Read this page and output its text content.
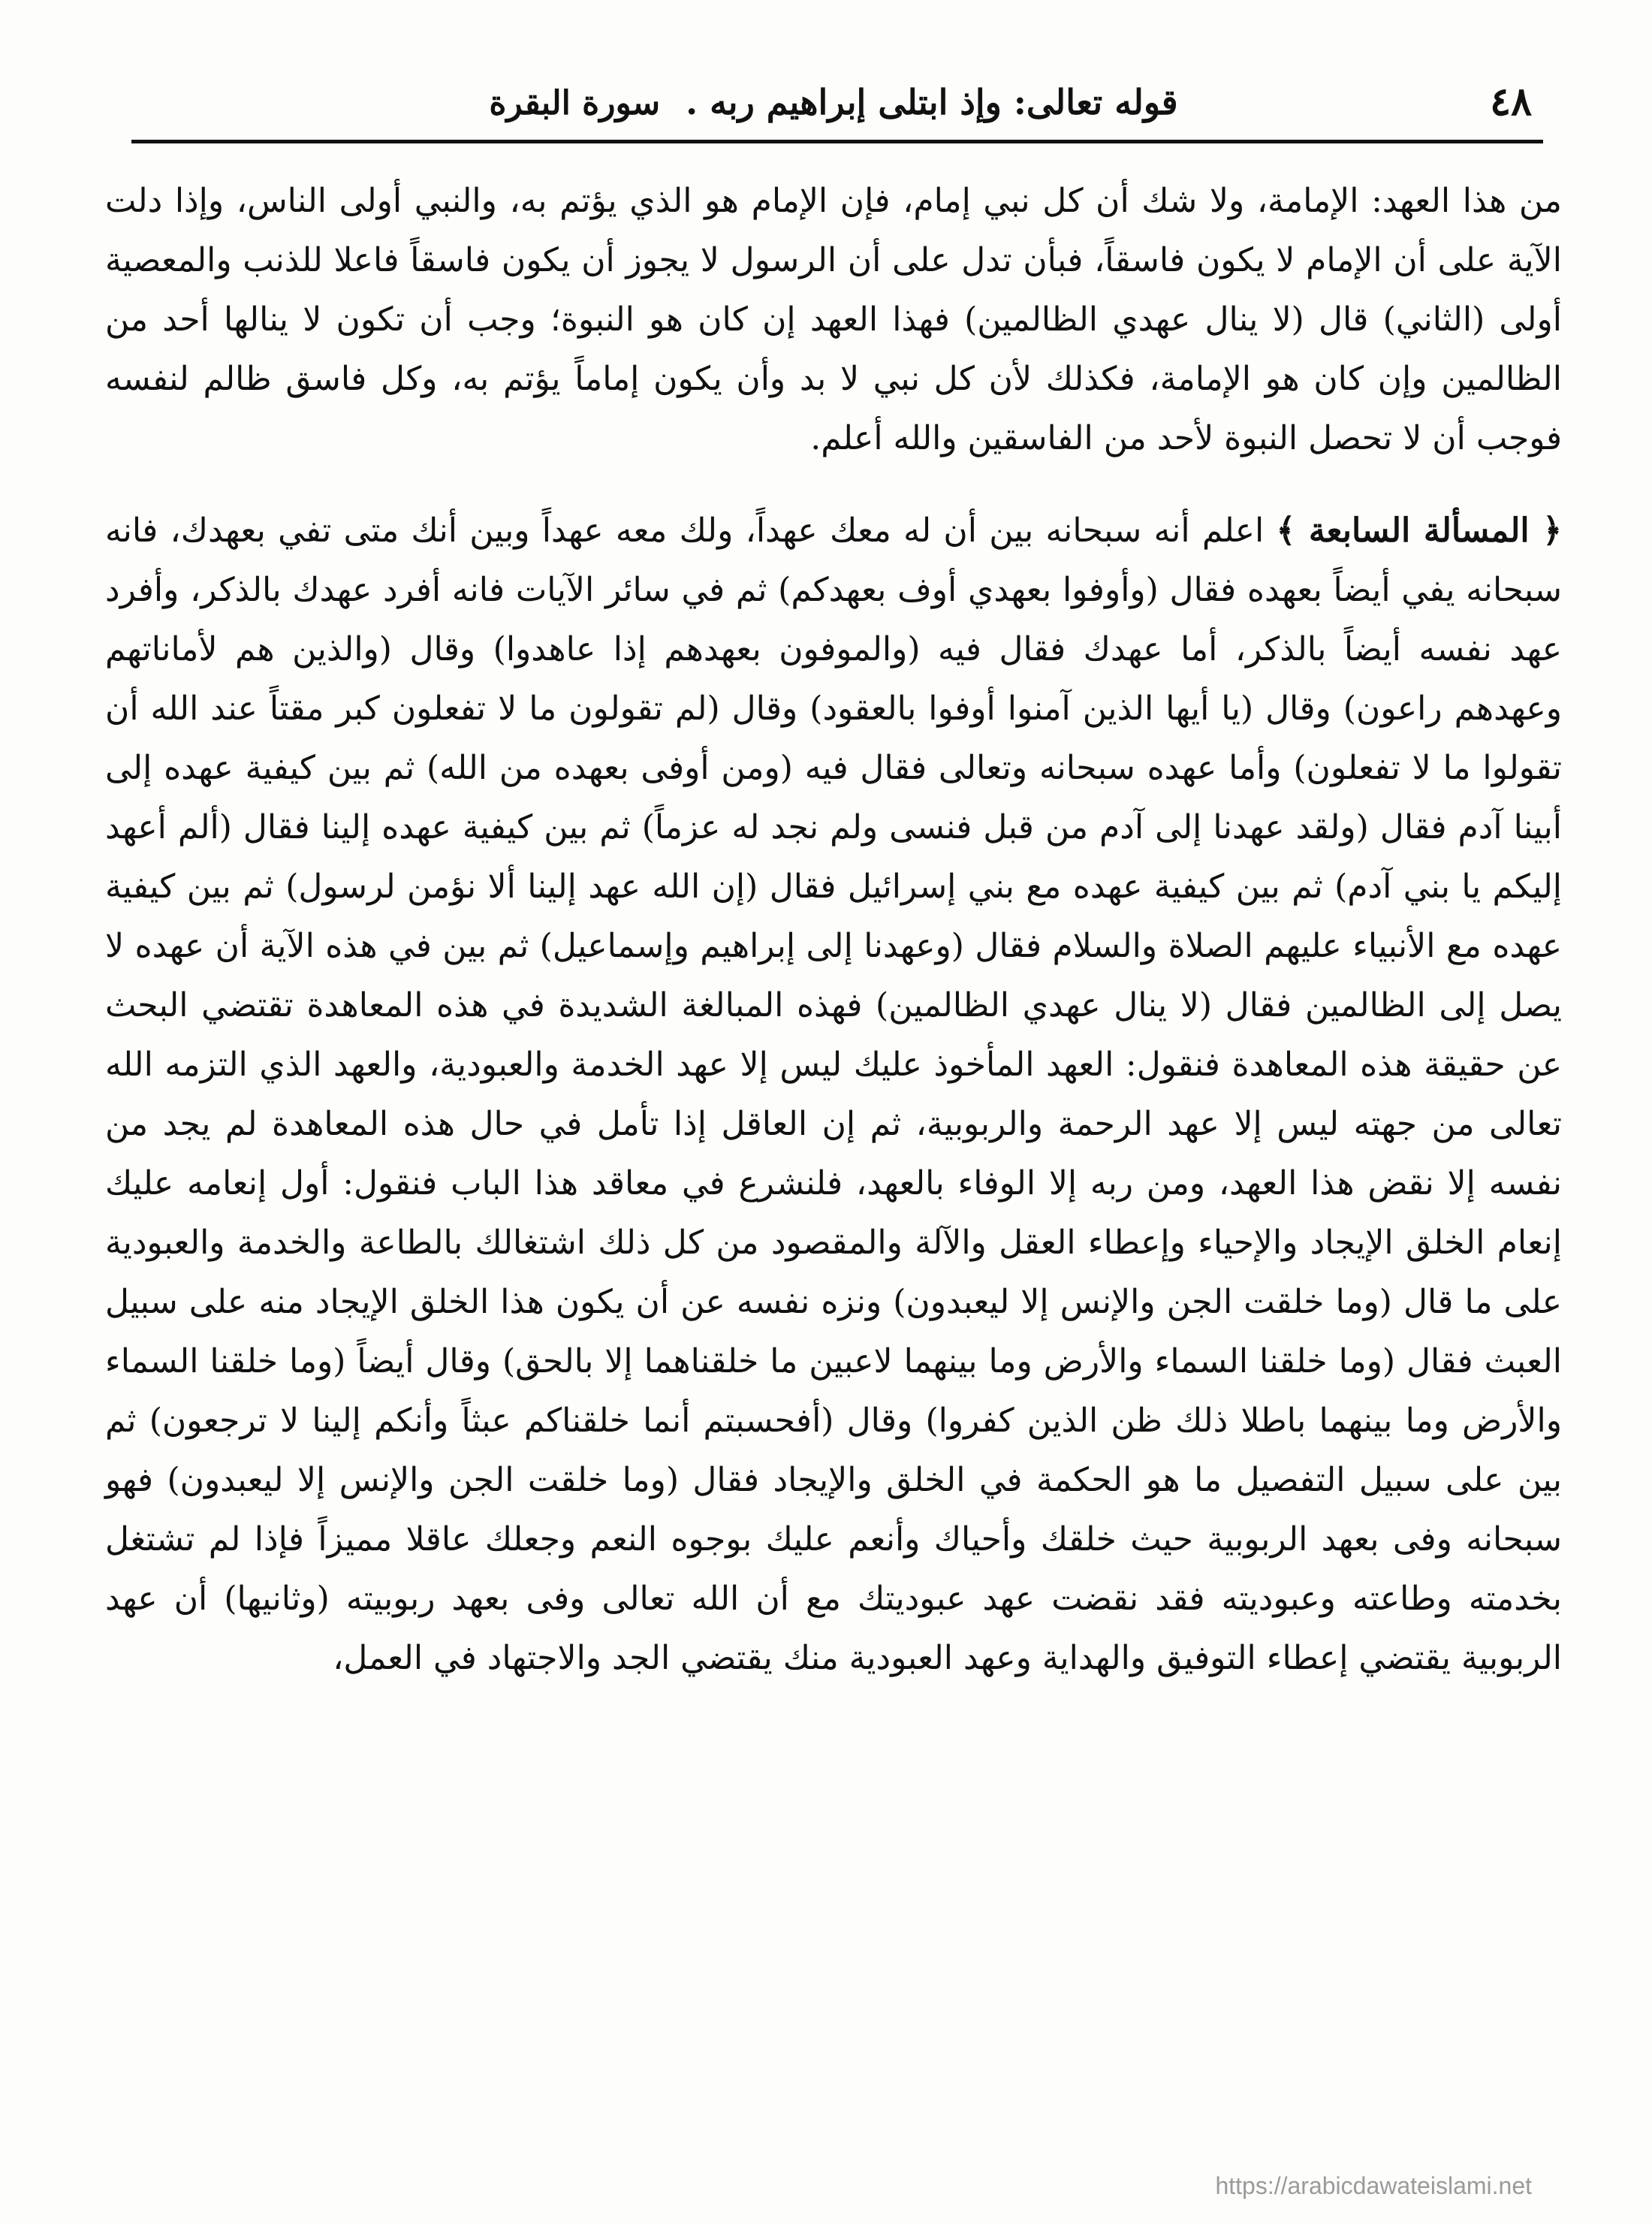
٤٨
قوله تعالى: وإذ ابتلى إبراهيم ربه . سورة البقرة

من هذا العهد: الإمامة، ولا شك أن كل نبي إمام، فإن الإمام هو الذي يؤتم به، والنبي أولى الناس، وإذا دلت الآية على أن الإمام لا يكون فاسقاً، فبأن تدل على أن الرسول لا يجوز أن يكون فاسقاً فاعلا للذنب والمعصية أولى (الثاني) قال (لا ينال عهدي الظالمين) فهذا العهد إن كان هو النبوة؛ وجب أن تكون لا ينالها أحد من الظالمين وإن كان هو الإمامة، فكذلك لأن كل نبي لا بد وأن يكون إماماً يؤتم به، وكل فاسق ظالم لنفسه فوجب أن لا تحصل النبوة لأحد من الفاسقين والله أعلم.

﴿ المسألة السابعة ﴾ اعلم أنه سبحانه بين أن له معك عهداً، ولك معه عهداً وبين أنك متى تفي بعهدك، فانه سبحانه يفي أيضاً بعهده فقال (وأوفوا بعهدي أوف بعهدكم) ثم في سائر الآيات فانه أفرد عهدك بالذكر، وأفرد عهد نفسه أيضاً بالذكر، أما عهدك فقال فيه (والموفون بعهدهم إذا عاهدوا) وقال (والذين هم لأماناتهم وعهدهم راعون) وقال (يا أيها الذين آمنوا أوفوا بالعقود) وقال (لم تقولون ما لا تفعلون كبر مقتاً عند الله أن تقولوا ما لا تفعلون) وأما عهده سبحانه وتعالى فقال فيه (ومن أوفى بعهده من الله) ثم بين كيفية عهده إلى أبينا آدم فقال (ولقد عهدنا إلى آدم من قبل فنسى ولم نجد له عزماً) ثم بين كيفية عهده إلينا فقال (ألم أعهد إليكم يا بني آدم) ثم بين كيفية عهده مع بني إسرائيل فقال (إن الله عهد إلينا ألا نؤمن لرسول) ثم بين كيفية عهده مع الأنبياء عليهم الصلاة والسلام فقال (وعهدنا إلى إبراهيم وإسماعيل) ثم بين في هذه الآية أن عهده لا يصل إلى الظالمين فقال (لا ينال عهدي الظالمين) فهذه المبالغة الشديدة في هذه المعاهدة تقتضي البحث عن حقيقة هذه المعاهدة فنقول: العهد المأخوذ عليك ليس إلا عهد الخدمة والعبودية، والعهد الذي التزمه الله تعالى من جهته ليس إلا عهد الرحمة والربوبية، ثم إن العاقل إذا تأمل في حال هذه المعاهدة لم يجد من نفسه إلا نقض هذا العهد، ومن ربه إلا الوفاء بالعهد، فلنشرع في معاقد هذا الباب فنقول: أول إنعامه عليك إنعام الخلق الإيجاد والإحياء وإعطاء العقل والآلة والمقصود من كل ذلك اشتغالك بالطاعة والخدمة والعبودية على ما قال (وما خلقت الجن والإنس إلا ليعبدون) ونزه نفسه عن أن يكون هذا الخلق الإيجاد منه على سبيل العبث فقال (وما خلقنا السماء والأرض وما بينهما لاعبين ما خلقناهما إلا بالحق) وقال أيضاً (وما خلقنا السماء والأرض وما بينهما باطلا ذلك ظن الذين كفروا) وقال (أفحسبتم أنما خلقناكم عبثاً وأنكم إلينا لا ترجعون) ثم بين على سبيل التفصيل ما هو الحكمة في الخلق والإيجاد فقال (وما خلقت الجن والإنس إلا ليعبدون) فهو سبحانه وفى بعهد الربوبية حيث خلقك وأحياك وأنعم عليك بوجوه النعم وجعلك عاقلا مميزاً فإذا لم تشتغل بخدمته وطاعته وعبوديته فقد نقضت عهد عبوديتك مع أن الله تعالى وفى بعهد ربوبيته (وثانيها) أن عهد الربوبية يقتضي إعطاء التوفيق والهداية وعهد العبودية منك يقتضي الجد والاجتهاد في العمل،

https://arabicdawateislami.net
